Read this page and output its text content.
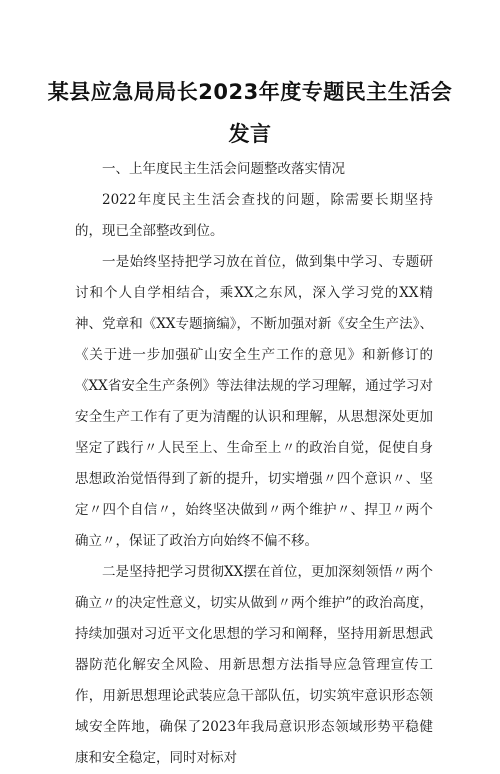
某县应急局局长2023年度专题民主生活会
发言

一、上年度民主生活会问题整改落实情况

2022年度民主生活会查找的问题，除需要长期坚持的，现已全部整改到位。

一是始终坚持把学习放在首位，做到集中学习、专题研讨和个人自学相结合，乘XX之东风，深入学习党的XX精神、党章和《XX专题摘编》，不断加强对新《安全生产法》、《关于进一步加强矿山安全生产工作的意见》和新修订的《XX省安全生产条例》等法律法规的学习理解，通过学习对安全生产工作有了更为清醒的认识和理解，从思想深处更加坚定了践行〃人民至上、生命至上〃的政治自觉，促使自身思想政治觉悟得到了新的提升，切实增强〃四个意识〃、坚定〃四个自信〃，始终坚决做到〃两个维护〃、捍卫〃两个确立〃，保证了政治方向始终不偏不移。

二是坚持把学习贯彻XX摆在首位，更加深刻领悟〃两个确立〃的决定性意义，切实从做到〃两个维护”的政治高度，持续加强对习近平文化思想的学习和阐释，坚持用新思想武器防范化解安全风险、用新思想方法指导应急管理宣传工作，用新思想理论武装应急干部队伍，切实筑牢意识形态领域安全阵地，确保了2023年我局意识形态领域形势平稳健康和安全稳定，同时对标对
